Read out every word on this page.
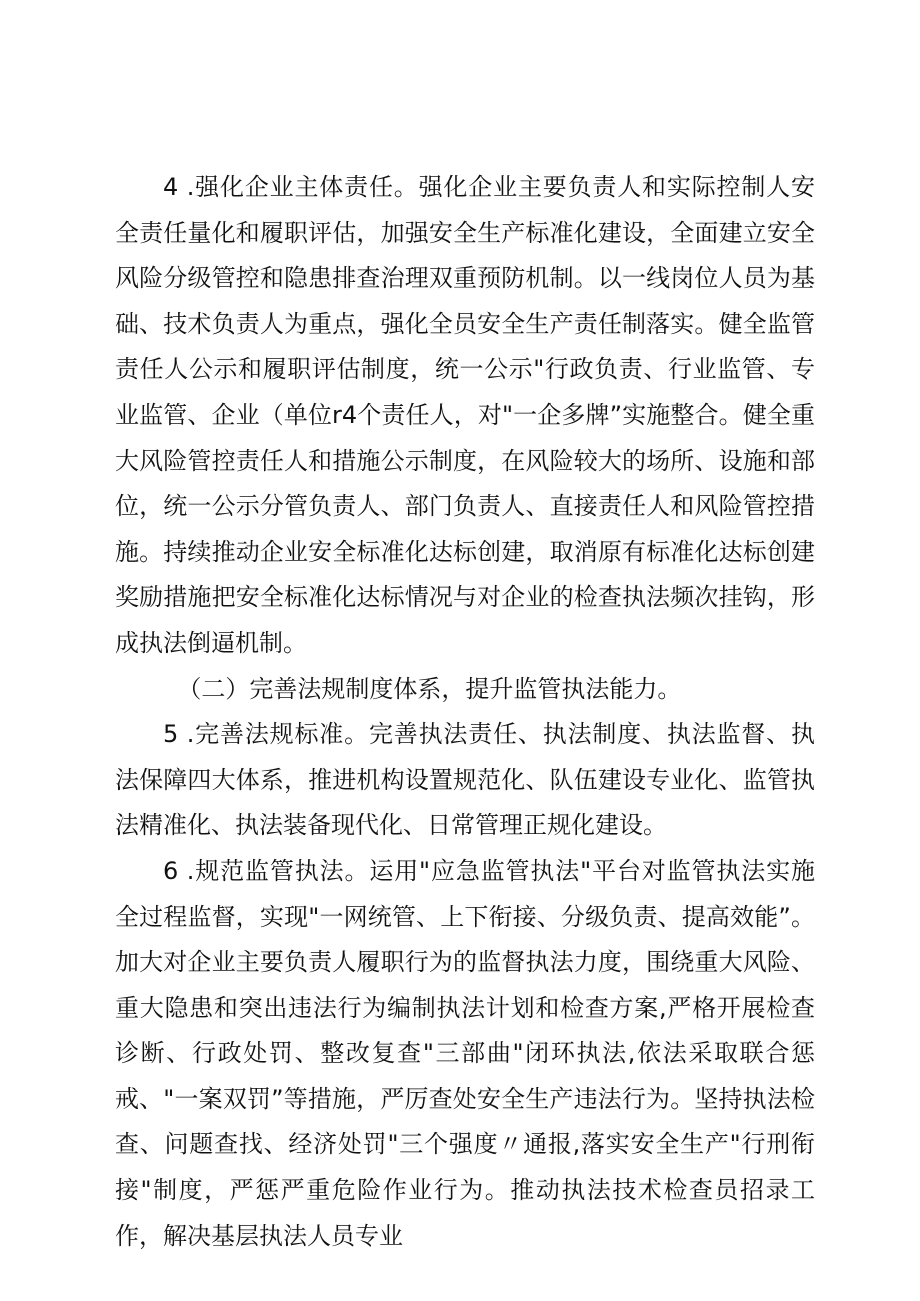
4 .强化企业主体责任。强化企业主要负责人和实际控制人安全责任量化和履职评估，加强安全生产标准化建设，全面建立安全风险分级管控和隐患排查治理双重预防机制。以一线岗位人员为基础、技术负责人为重点，强化全员安全生产责任制落实。健全监管责任人公示和履职评估制度，统一公示"行政负责、行业监管、专业监管、企业（单位r4个责任人，对"一企多牌”实施整合。健全重大风险管控责任人和措施公示制度，在风险较大的场所、设施和部位，统一公示分管负责人、部门负责人、直接责任人和风险管控措施。持续推动企业安全标准化达标创建，取消原有标准化达标创建奖励措施把安全标准化达标情况与对企业的检查执法频次挂钩，形成执法倒逼机制。

（二）完善法规制度体系，提升监管执法能力。

5 .完善法规标准。完善执法责任、执法制度、执法监督、执法保障四大体系，推进机构设置规范化、队伍建设专业化、监管执法精准化、执法装备现代化、日常管理正规化建设。

6 .规范监管执法。运用"应急监管执法"平台对监管执法实施全过程监督，实现"一网统管、上下衔接、分级负责、提高效能”。加大对企业主要负责人履职行为的监督执法力度，围绕重大风险、重大隐患和突出违法行为编制执法计划和检查方案,严格开展检查诊断、行政处罚、整改复查"三部曲"闭环执法,依法采取联合惩戒、"一案双罚”等措施，严厉查处安全生产违法行为。坚持执法检查、问题查找、经济处罚"三个强度〃通报,落实安全生产"行刑衔接"制度，严惩严重危险作业行为。推动执法技术检查员招录工作，解决基层执法人员专业
